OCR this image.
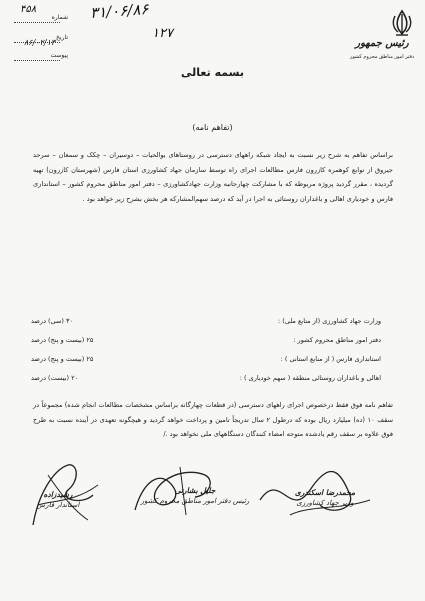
رئیس جمهور
دفتر امور مناطق محروم کشور
شماره
تاریخ
پیوست
۴۵۸
۸۶/۰۲/۱۳
۳۱/۰۶/۸۶
۱۲۷
بسمه تعالی
(تفاهم نامه)
براساس تفاهم به شرح زیر نسبت به ایجاد شبکه راههای دسترسی در روستاهای بوالحیات – دوسیران – چکک و سمغان – سرحد جیروق از توابع کوهمره کازرون فارس مطالعات اجرای راه توسط سازمان جهاد کشاورزی استان فارس (شهرستان کازرون) تهیه گردیده ، مقرر گردید پروژه مربوطه که با مشارکت چهارجانبه وزارت جهادکشاورزی – دفتر امور مناطق محروم کشور – استانداری فارس و خودیاری اهالی و باغداران روستائی به اجرا در آید که درصد سهم‌المشارکه هر بخش بشرح زیر خواهد بود .
وزارت جهاد کشاورزی (از منابع ملی) :
۳۰ (سی) درصد
دفتر امور مناطق محروم کشور :
۲۵ (بیست و پنج) درصد
استانداری فارس ( از منابع استانی ) :
۲۵ (بیست و پنج) درصد
اهالی و باغداران روستائی منطقه ( سهم خودیاری ) :
۲۰ (بیست) درصد
تفاهم نامه فوق فقط درخصوص اجرای راههای دسترسی (در قطعات چهارگانه براساس مشخصات مطالعات انجام شده) مجموعاً در سقف ۱۰ (ده) میلیارد ریال بوده که درطول ۲ سال تدریجاً تامین و پرداخت خواهد گردید و هیچگونه تعهدی در آینده نسبت به طرح فوق علاوه بر سقف رقم یادشده متوجه امضاء کنندگان دستگاههای ملی نخواهد بود ./
محمدرضا اسکندری
وزیر جهاد کشاورزی
جلیل بشارتی
رئیس دفتر امور مناطق محروم کشور
رشیدزاده
استاندار فارس
